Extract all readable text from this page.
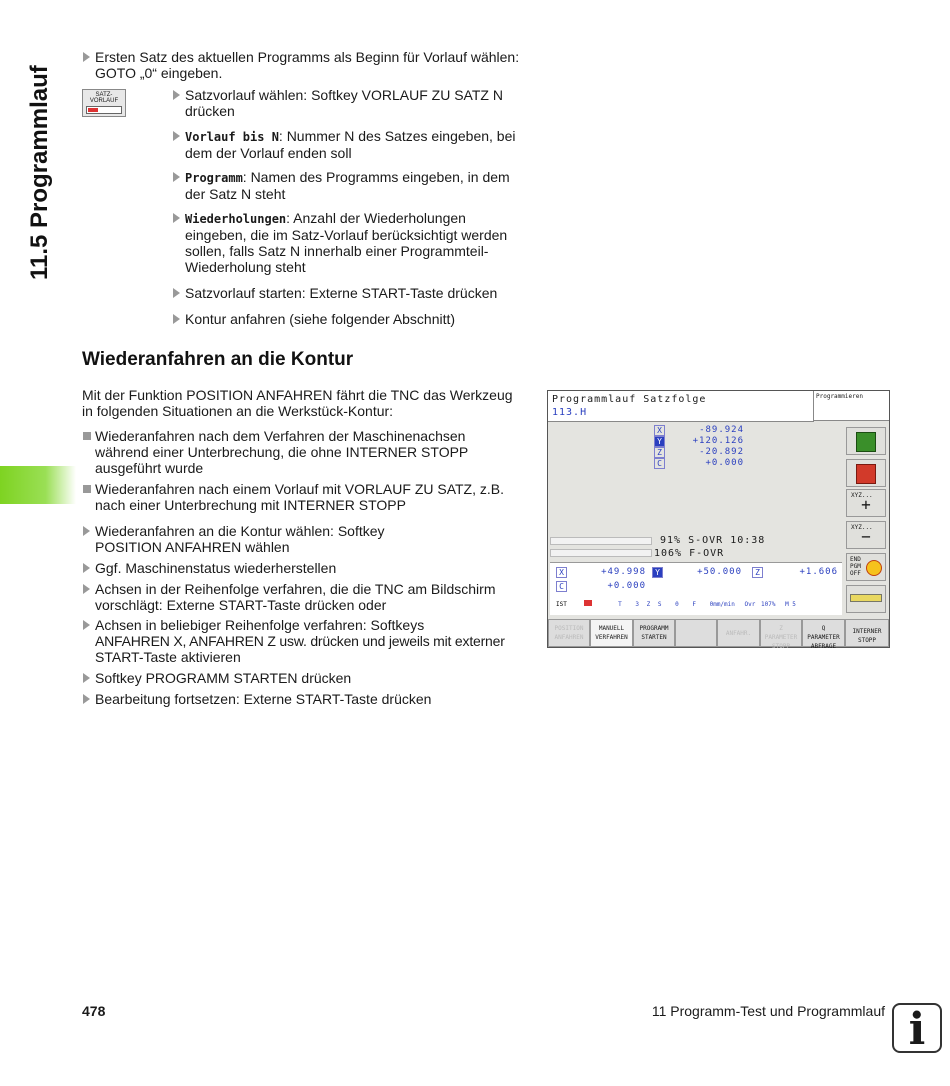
11.5 Programmlauf
Ersten Satz des aktuellen Programms als Beginn für Vorlauf wählen:
GOTO „0“ eingeben.
SATZ-
VORLAUF	Satzvorlauf wählen: Softkey VORLAUF ZU SATZ N
drücken
Vorlauf bis N: Nummer N des Satzes eingeben, bei
dem der Vorlauf enden soll
Programm: Namen des Programms eingeben, in dem
der Satz N steht
Wiederholungen: Anzahl der Wiederholungen
eingeben, die im Satz-Vorlauf berücksichtigt werden
sollen, falls Satz N innerhalb einer Programmteil-
Wiederholung steht
Satzvorlauf starten: Externe START-Taste drücken
Kontur anfahren (siehe folgender Abschnitt)
Wiederanfahren an die Kontur
Mit der Funktion POSITION ANFAHREN fährt die TNC das Werkzeug
in folgenden Situationen an die Werkstück-Kontur:
Wiederanfahren nach dem Verfahren der Maschinenachsen
während einer Unterbrechung, die ohne INTERNER STOPP
ausgeführt wurde
Wiederanfahren nach einem Vorlauf mit VORLAUF ZU SATZ, z.B.
nach einer Unterbrechung mit INTERNER STOPP
Wiederanfahren an die Kontur wählen: Softkey
POSITION ANFAHREN wählen
Ggf. Maschinenstatus wiederherstellen
Achsen in der Reihenfolge verfahren, die die TNC am Bildschirm
vorschlägt: Externe START-Taste drücken oder
Achsen in beliebiger Reihenfolge verfahren: Softkeys
ANFAHREN X, ANFAHREN Z usw. drücken und jeweils mit externer
START-Taste aktivieren
Softkey PROGRAMM STARTEN drücken
Bearbeitung fortsetzen: Externe START-Taste drücken
Programmlauf Satzfolge
113.H
Programmieren
X	-89.924
Y	+120.126
Z	-20.892
C	+0.000
91% S-OVR 10:38
106% F-OVR
X	+49.998	Y	+50.000	Z	+1.606
C	+0.000
IST	T 3 Z S 0 F 0mm/min Ovr 107% M 5
XYZ...
+
XYZ...
−
END PGM OFF
POSITION
ANFAHREN
MANUELL
VERFAHREN
PROGRAMM
STARTEN
ANFAHR.
Z
PARAMETER
STOPP
Q
PARAMETER
ABFRAGE
INTERNER
STOPP
478	11 Programm-Test und Programmlauf i
